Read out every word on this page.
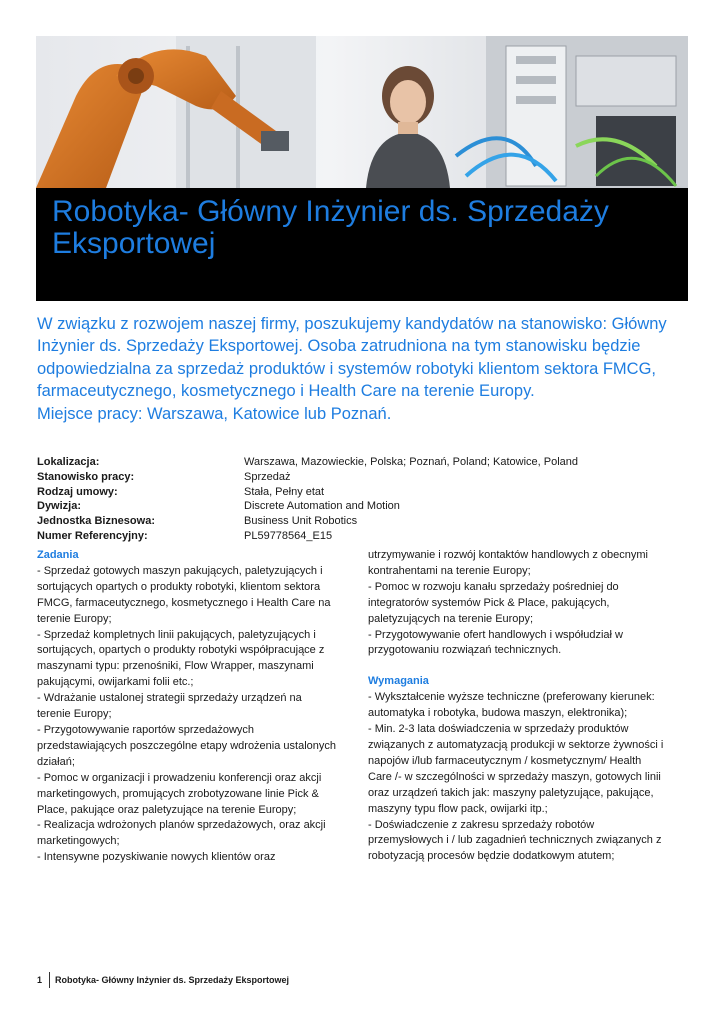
Robotyka- Główny Inżynier ds. Sprzedaży Eksportowej

W związku z rozwojem naszej firmy, poszukujemy kandydatów na stanowisko: Główny Inżynier ds. Sprzedaży Eksportowej. Osoba zatrudniona na tym stanowisku będzie odpowiedzialna za sprzedaż produktów i systemów robotyki klientom sektora FMCG, farmaceutycznego, kosmetycznego i Health Care na terenie Europy.

Miejsce pracy: Warszawa, Katowice lub Poznań.

Lokalizacja:	Warszawa, Mazowieckie, Polska; Poznań, Poland; Katowice, Poland
Stanowisko pracy:	Sprzedaż
Rodzaj umowy:	Stała, Pełny etat
Dywizja:	Discrete Automation and Motion
Jednostka Biznesowa:	Business Unit Robotics
Numer Referencyjny:	PL59778564_E15
Zadania

- Sprzedaż gotowych maszyn pakujących, paletyzujących i sortujących opartych o produkty robotyki, klientom sektora FMCG, farmaceutycznego, kosmetycznego i Health Care na terenie Europy;
- Sprzedaż kompletnych linii pakujących, paletyzujących i sortujących, opartych o produkty robotyki współpracujące z maszynami typu: przenośniki, Flow Wrapper, maszynami pakującymi, owijarkami folii etc.;
- Wdrażanie ustalonej strategii sprzedaży urządzeń na terenie Europy;
- Przygotowywanie raportów sprzedażowych przedstawiających poszczególne etapy wdrożenia ustalonych działań;
- Pomoc w organizacji i prowadzeniu konferencji oraz akcji marketingowych, promujących zrobotyzowane linie Pick & Place, pakujące oraz paletyzujące na terenie Europy;
- Realizacja wdrożonych planów sprzedażowych, oraz akcji marketingowych;
- Intensywne pozyskiwanie nowych klientów oraz

utrzymywanie i rozwój kontaktów handlowych z obecnymi kontrahentami na terenie Europy;
- Pomoc w rozwoju kanału sprzedaży pośredniej do integratorów systemów Pick & Place, pakujących, paletyzujących na terenie Europy;
- Przygotowywanie ofert handlowych i współudział w przygotowaniu rozwiązań technicznych.

Wymagania

- Wykształcenie wyższe techniczne (preferowany kierunek: automatyka i robotyka, budowa maszyn, elektronika);
- Min. 2-3 lata doświadczenia w sprzedaży produktów związanych z automatyzacją produkcji w sektorze żywności i napojów i/lub farmaceutycznym / kosmetycznym/ Health Care /- w szczególności w sprzedaży maszyn, gotowych linii oraz urządzeń takich jak: maszyny paletyzujące, pakujące, maszyny typu flow pack, owijarki itp.;
- Doświadczenie z zakresu sprzedaży robotów przemysłowych i / lub zagadnień technicznych związanych z robotyzacją procesów będzie dodatkowym atutem;

1 Robotyka- Główny Inżynier ds. Sprzedaży Eksportowej
